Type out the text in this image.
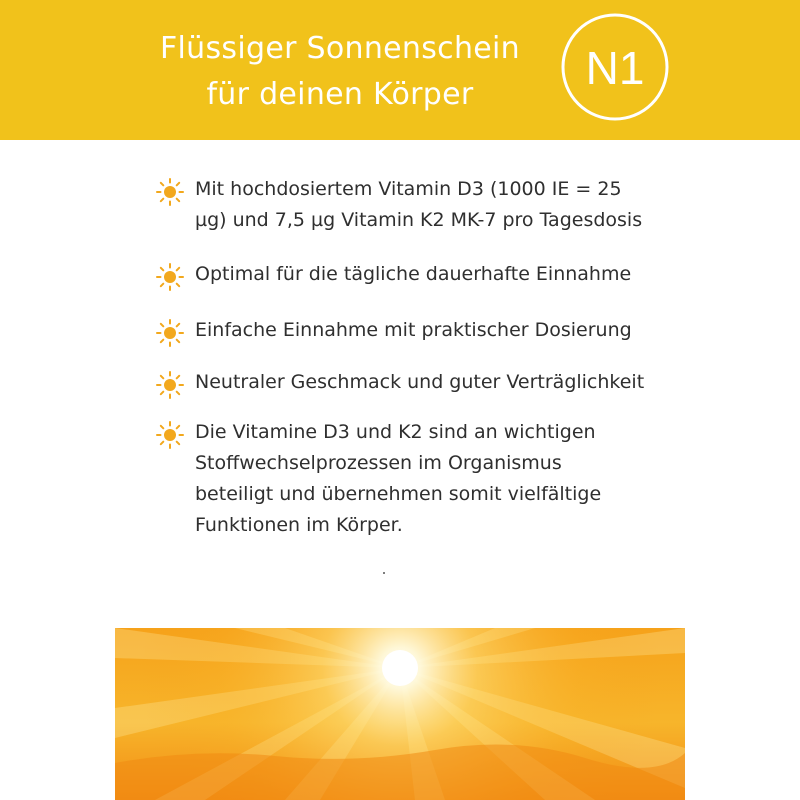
Flüssiger Sonnenschein
für deinen Körper
N1
Mit hochdosiertem Vitamin D3 (1000 IE = 25
µg) und 7,5 µg Vitamin K2 MK-7 pro Tagesdosis
Optimal für die tägliche dauerhafte Einnahme
Einfache Einnahme mit praktischer Dosierung
Neutraler Geschmack und guter Verträglichkeit
Die Vitamine D3 und K2 sind an wichtigen
Stoffwechselprozessen im Organismus
beteiligt und übernehmen somit vielfältige
Funktionen im Körper.
